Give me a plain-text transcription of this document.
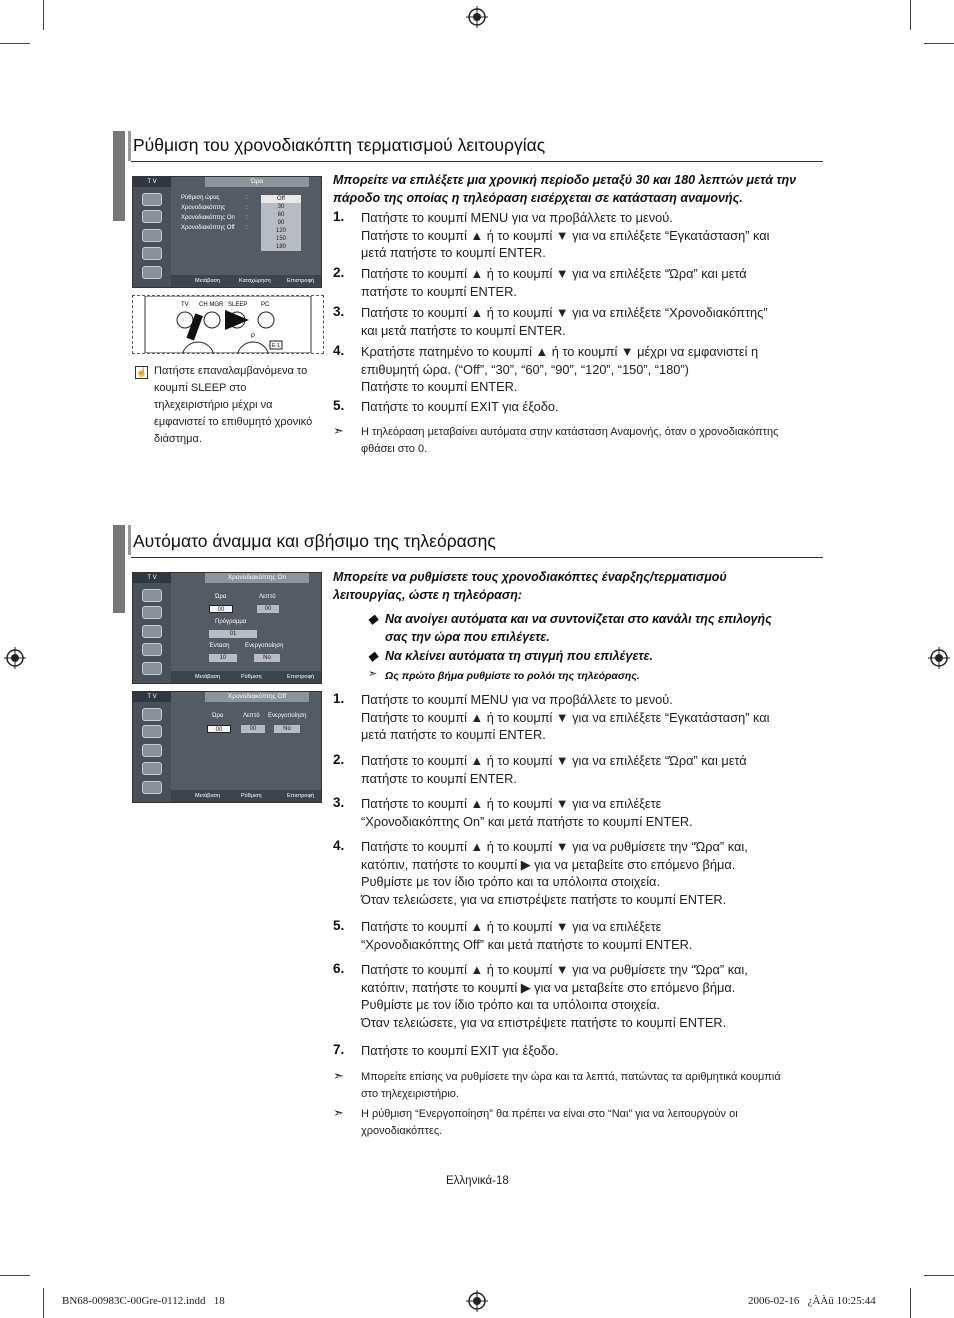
Ρύθμιση του χρονοδιακόπτη τερματισμού λειτουργίας
T V	Ώρα
Ρύθμιση ώρας
Χρονοδιακόπτης
Χρονοδιακόπτης On
Χρονοδιακόπτης Off
:
:
:
:
Off
30
60
90
120
150
180
Μετάβαση	Καταχώρηση	Επιστροφή
TV CH MGR SLEEP PC
P
E-1
☝ Πατήστε επαναλαμβανόμενα το κουμπί SLEEP στο τηλεχειριστήριο μέχρι να εμφανιστεί το επιθυμητό χρονικό διάστημα.
Μπορείτε να επιλέξετε μια χρονική περίοδο μεταξύ 30 και 180 λεπτών μετά την πάροδο της οποίας η τηλεόραση εισέρχεται σε κατάσταση αναμονής.
1. Πατήστε το κουμπί MENU για να προβάλλετε το μενού.
Πατήστε το κουμπί ▲ ή το κουμπί ▼ για να επιλέξετε “Εγκατάσταση” και
μετά πατήστε το κουμπί ENTER.
2. Πατήστε το κουμπί ▲ ή το κουμπί ▼ για να επιλέξετε “Ώρα” και μετά
πατήστε το κουμπί ENTER.
3. Πατήστε το κουμπί ▲ ή το κουμπί ▼ για να επιλέξετε “Χρονοδιακόπτης”
και μετά πατήστε το κουμπί ENTER.
4. Κρατήστε πατημένο το κουμπί ▲ ή το κουμπί ▼ μέχρι να εμφανιστεί η
επιθυμητή ώρα. (“Off”, “30”, “60”, “90”, “120”, “150”, “180”)
Πατήστε το κουμπί ENTER.
5. Πατήστε το κουμπί EXIT για έξοδο.
➣ Η τηλεόραση μεταβαίνει αυτόματα στην κατάσταση Αναμονής, όταν ο χρονοδιακόπτης
φθάσει στο 0.
Αυτόματο άναμμα και σβήσιμο της τηλεόρασης
T V	Χρονοδιακόπτης On
Ώρα	Λεπτό
00	00
Πρόγραμμα
01
Ένταση	Ενεργοποίηση
10	No
Μετάβαση	Ρύθμιση	Επιστροφή
T V	Χρονοδιακόπτης Off
Ώρα	Λεπτό Ενεργοποίηση
00	00	No
Μετάβαση	Ρύθμιση	Επιστροφή
Μπορείτε να ρυθμίσετε τους χρονοδιακόπτες έναρξης/τερματισμού
λειτουργίας, ώστε η τηλεόραση:
◆ Να ανοίγει αυτόματα και να συντονίζεται στο κανάλι της επιλογής
σας την ώρα που επιλέγετε.
◆ Να κλείνει αυτόματα τη στιγμή που επιλέγετε.
➣ Ως πρώτο βήμα ρυθμίστε το ρολόι της τηλεόρασης.
1. Πατήστε το κουμπί MENU για να προβάλλετε το μενού.
Πατήστε το κουμπί ▲ ή το κουμπί ▼ για να επιλέξετε “Εγκατάσταση” και
μετά πατήστε το κουμπί ENTER.
2. Πατήστε το κουμπί ▲ ή το κουμπί ▼ για να επιλέξετε “Ώρα” και μετά
πατήστε το κουμπί ENTER.
3. Πατήστε το κουμπί ▲ ή το κουμπί ▼ για να επιλέξετε
“Χρονοδιακόπτης On” και μετά πατήστε το κουμπί ENTER.
4. Πατήστε το κουμπί ▲ ή το κουμπί ▼ για να ρυθμίσετε την “Ώρα” και,
κατόπιν, πατήστε το κουμπί ▶ για να μεταβείτε στο επόμενο βήμα.
Ρυθμίστε με τον ίδιο τρόπο και τα υπόλοιπα στοιχεία.
Όταν τελειώσετε, για να επιστρέψετε πατήστε το κουμπί ENTER.
5. Πατήστε το κουμπί ▲ ή το κουμπί ▼ για να επιλέξετε
“Χρονοδιακόπτης Off” και μετά πατήστε το κουμπί ENTER.
6. Πατήστε το κουμπί ▲ ή το κουμπί ▼ για να ρυθμίσετε την “Ώρα” και,
κατόπιν, πατήστε το κουμπί ▶ για να μεταβείτε στο επόμενο βήμα.
Ρυθμίστε με τον ίδιο τρόπο και τα υπόλοιπα στοιχεία.
Όταν τελειώσετε, για να επιστρέψετε πατήστε το κουμπί ENTER.
7. Πατήστε το κουμπί EXIT για έξοδο.
➣ Μπορείτε επίσης να ρυθμίσετε την ώρα και τα λεπτά, πατώντας τα αριθμητικά κουμπιά
στο τηλεχειριστήριο.
➣ Η ρύθμιση “Ενεργοποίηση” θα πρέπει να είναι στο “Ναι” για να λειτουργούν οι
χρονοδιακόπτες.
Ελληνικά-18
BN68-00983C-00Gre-0112.indd   18	2006-02-16   ¿ÀÀü 10:25:44
